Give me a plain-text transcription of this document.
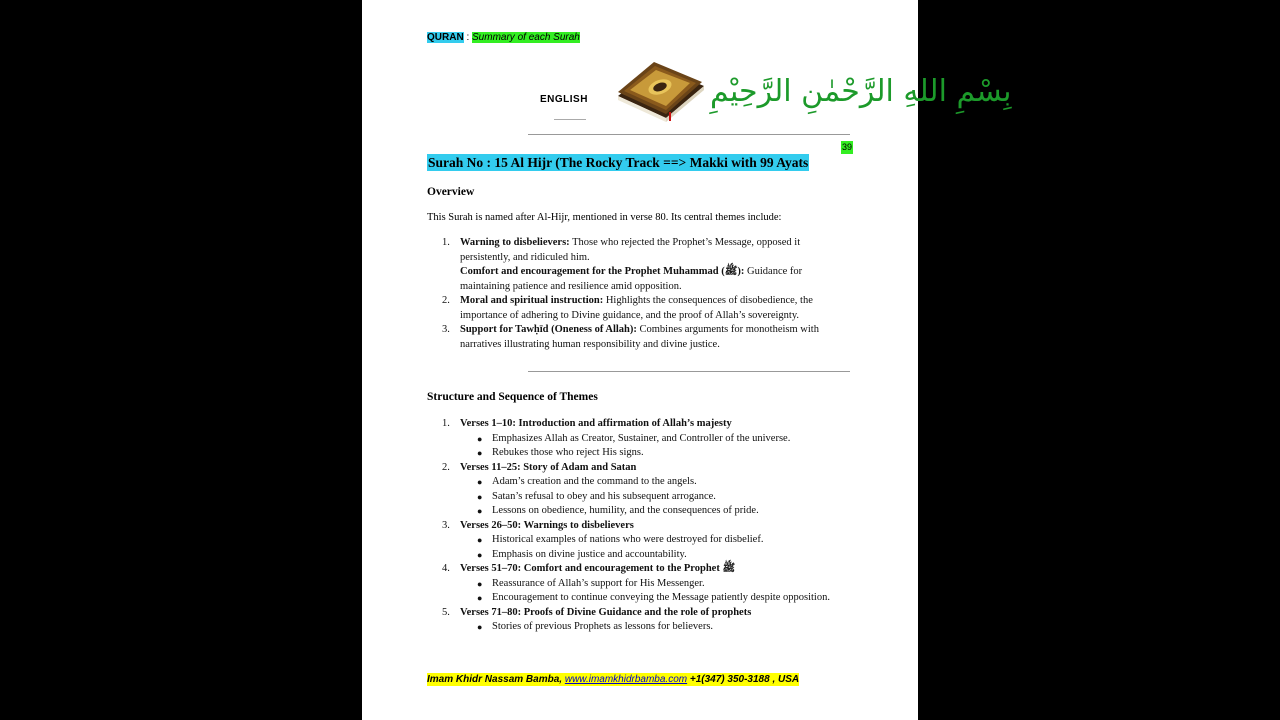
QURAN : Summary of each Surah
ENGLISH	بِسْمِ اللهِ الرَّحْمٰنِ الرَّحِيْمِ
39
Surah No : 15 Al Hijr (The Rocky Track ==> Makki with 99 Ayats
Overview
This Surah is named after Al-Hijr, mentioned in verse 80. Its central themes include:
1. Warning to disbelievers: Those who rejected the Prophet’s Message, opposed it persistently, and ridiculed him.
Comfort and encouragement for the Prophet Muhammad (ﷺ): Guidance for maintaining patience and resilience amid opposition.
2. Moral and spiritual instruction: Highlights the consequences of disobedience, the importance of adhering to Divine guidance, and the proof of Allah’s sovereignty.
3. Support for Tawḥīd (Oneness of Allah): Combines arguments for monotheism with narratives illustrating human responsibility and divine justice.
Structure and Sequence of Themes
1. Verses 1–10: Introduction and affirmation of Allah’s majesty
● Emphasizes Allah as Creator, Sustainer, and Controller of the universe.
● Rebukes those who reject His signs.
2. Verses 11–25: Story of Adam and Satan
● Adam’s creation and the command to the angels.
● Satan’s refusal to obey and his subsequent arrogance.
● Lessons on obedience, humility, and the consequences of pride.
3. Verses 26–50: Warnings to disbelievers
● Historical examples of nations who were destroyed for disbelief.
● Emphasis on divine justice and accountability.
4. Verses 51–70: Comfort and encouragement to the Prophet ﷺ
● Reassurance of Allah’s support for His Messenger.
● Encouragement to continue conveying the Message patiently despite opposition.
5. Verses 71–80: Proofs of Divine Guidance and the role of prophets
● Stories of previous Prophets as lessons for believers.
Imam Khidr Nassam Bamba, www.imamkhidrbamba.com +1(347) 350-3188 , USA
